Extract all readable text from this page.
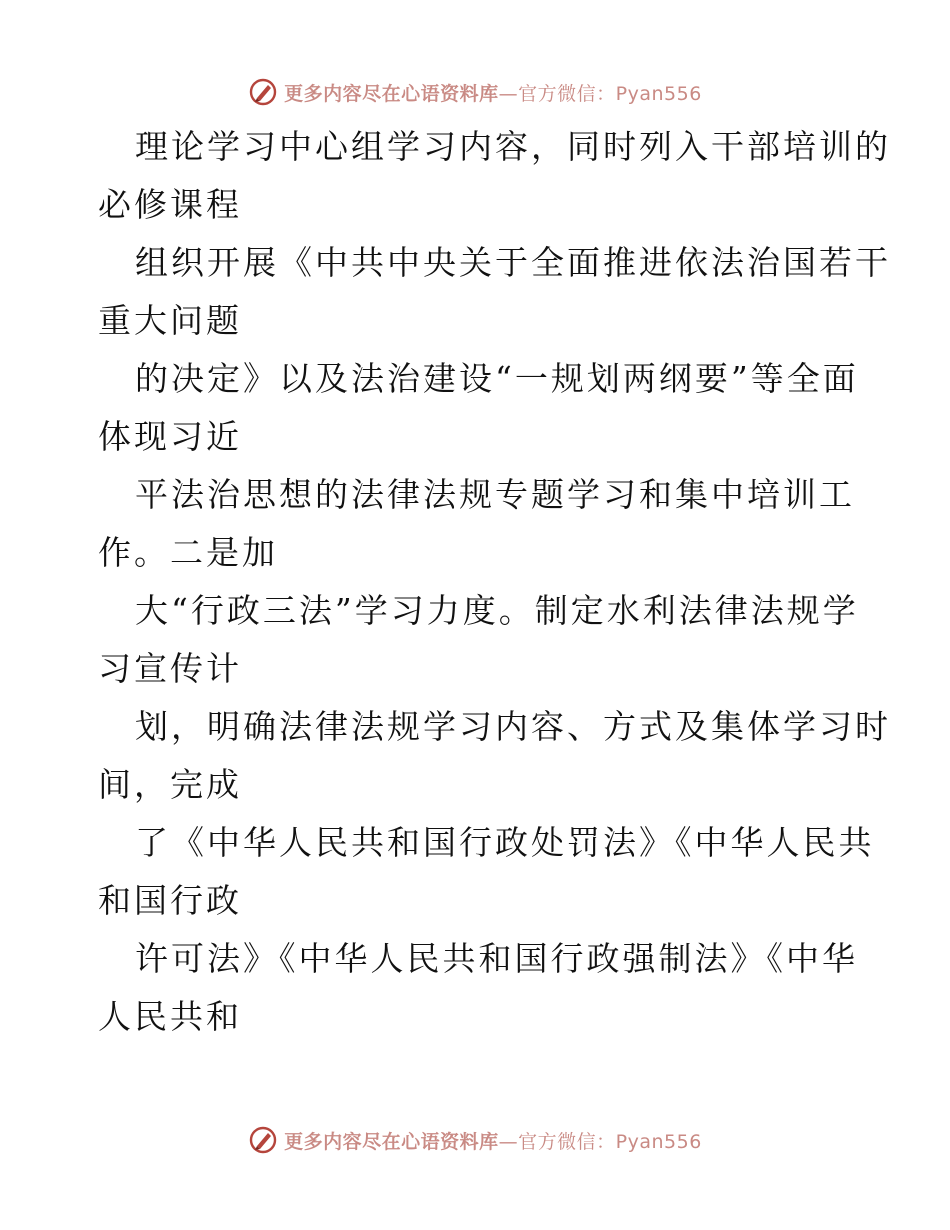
更多内容尽在心语资料库—官方微信：Pyan556

理论学习中心组学习内容，同时列入干部培训的
必修课程

组织开展《中共中央关于全面推进依法治国若干
重大问题

的决定》以及法治建设“一规划两纲要”等全面
体现习近

平法治思想的法律法规专题学习和集中培训工
作。二是加

大“行政三法”学习力度。制定水利法律法规学
习宣传计

划，明确法律法规学习内容、方式及集体学习时
间，完成

了《中华人民共和国行政处罚法》《中华人民共
和国行政

许可法》《中华人民共和国行政强制法》《中华
人民共和

更多内容尽在心语资料库—官方微信：Pyan556
